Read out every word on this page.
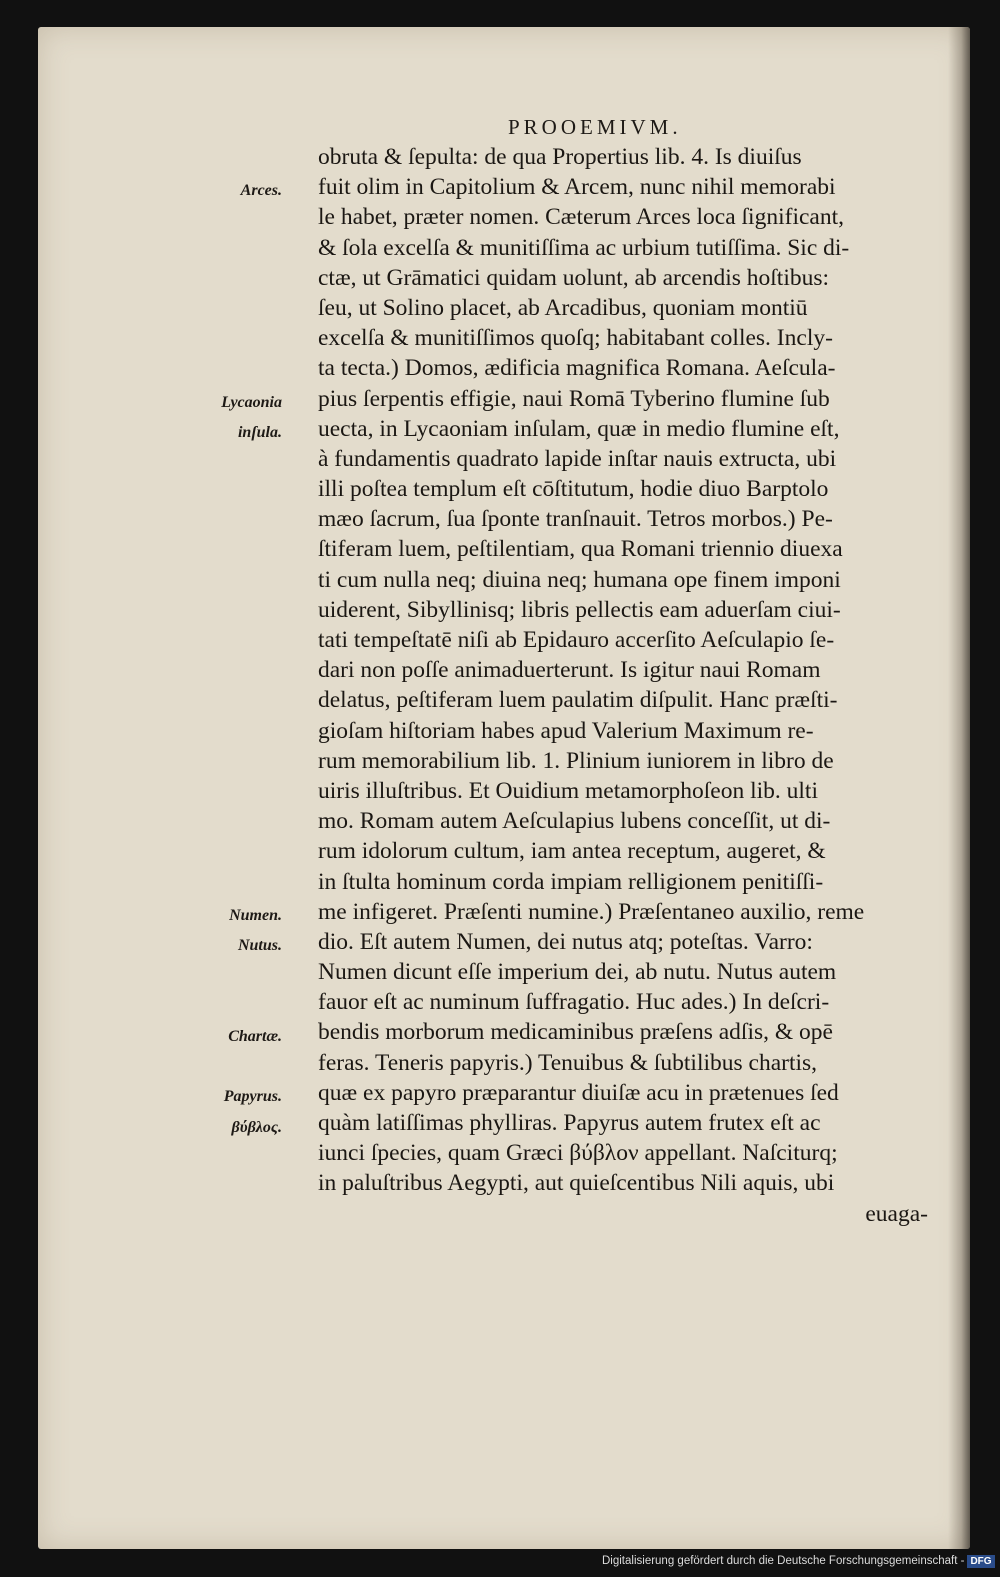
PROOEMIVM.
obruta & ſepulta: de qua Propertius lib. 4. Is diuiſus
fuit olim in Capitolium & Arcem, nunc nihil memorabi
le habet, præter nomen. Cæterum Arces loca ſignificant,
& ſola excelſa & munitiſſima ac urbium tutiſſima. Sic di-
ctæ, ut Grāmatici quidam uolunt, ab arcendis hoſtibus:
ſeu, ut Solino placet, ab Arcadibus, quoniam montiū
excelſa & munitiſſimos quoſq; habitabant colles. Incly-
ta tecta.) Domos, ædificia magnifica Romana. Aeſcula-
pius ſerpentis effigie, naui Romā Tyberino flumine ſub
uecta, in Lycaoniam inſulam, quæ in medio flumine eſt,
à fundamentis quadrato lapide inſtar nauis extructa, ubi
illi poſtea templum eſt cōſtitutum, hodie diuo Barptolo
mæo ſacrum, ſua ſponte tranſnauit. Tetros morbos.) Pe-
ſtiferam luem, peſtilentiam, qua Romani triennio diuexa
ti cum nulla neq; diuina neq; humana ope finem imponi
uiderent, Sibyllinisq; libris pellectis eam aduerſam ciui-
tati tempeſtatē niſi ab Epidauro accerſito Aeſculapio ſe-
dari non poſſe animaduerterunt. Is igitur naui Romam
delatus, peſtiferam luem paulatim diſpulit. Hanc præſti-
gioſam hiſtoriam habes apud Valerium Maximum re-
rum memorabilium lib. 1. Plinium iuniorem in libro de
uiris illuſtribus. Et Ouidium metamorphoſeon lib. ulti
mo. Romam autem Aeſculapius lubens conceſſit, ut di-
rum idolorum cultum, iam antea receptum, augeret, &
in ſtulta hominum corda impiam relligionem penitiſſi-
me infigeret. Præſenti numine.) Præſentaneo auxilio, reme
dio. Eſt autem Numen, dei nutus atq; poteſtas. Varro:
Numen dicunt eſſe imperium dei, ab nutu. Nutus autem
fauor eſt ac numinum ſuffragatio. Huc ades.) In deſcri-
bendis morborum medicaminibus præſens adſis, & opē
feras. Teneris papyris.) Tenuibus & ſubtilibus chartis,
quæ ex papyro præparantur diuiſæ acu in prætenues ſed
quàm latiſſimas phylliras. Papyrus autem frutex eſt ac
iunci ſpecies, quam Græci βύβλον appellant. Naſciturq;
in paluſtribus Aegypti, aut quieſcentibus Nili aquis, ubi
euaga-
Arces.
Lycaonia
inſula.
Numen.
Nutus.
Chartæ.
Papyrus.
βύβλος.
Digitalisierung gefördert durch die Deutsche Forschungsgemeinschaft - DFG
